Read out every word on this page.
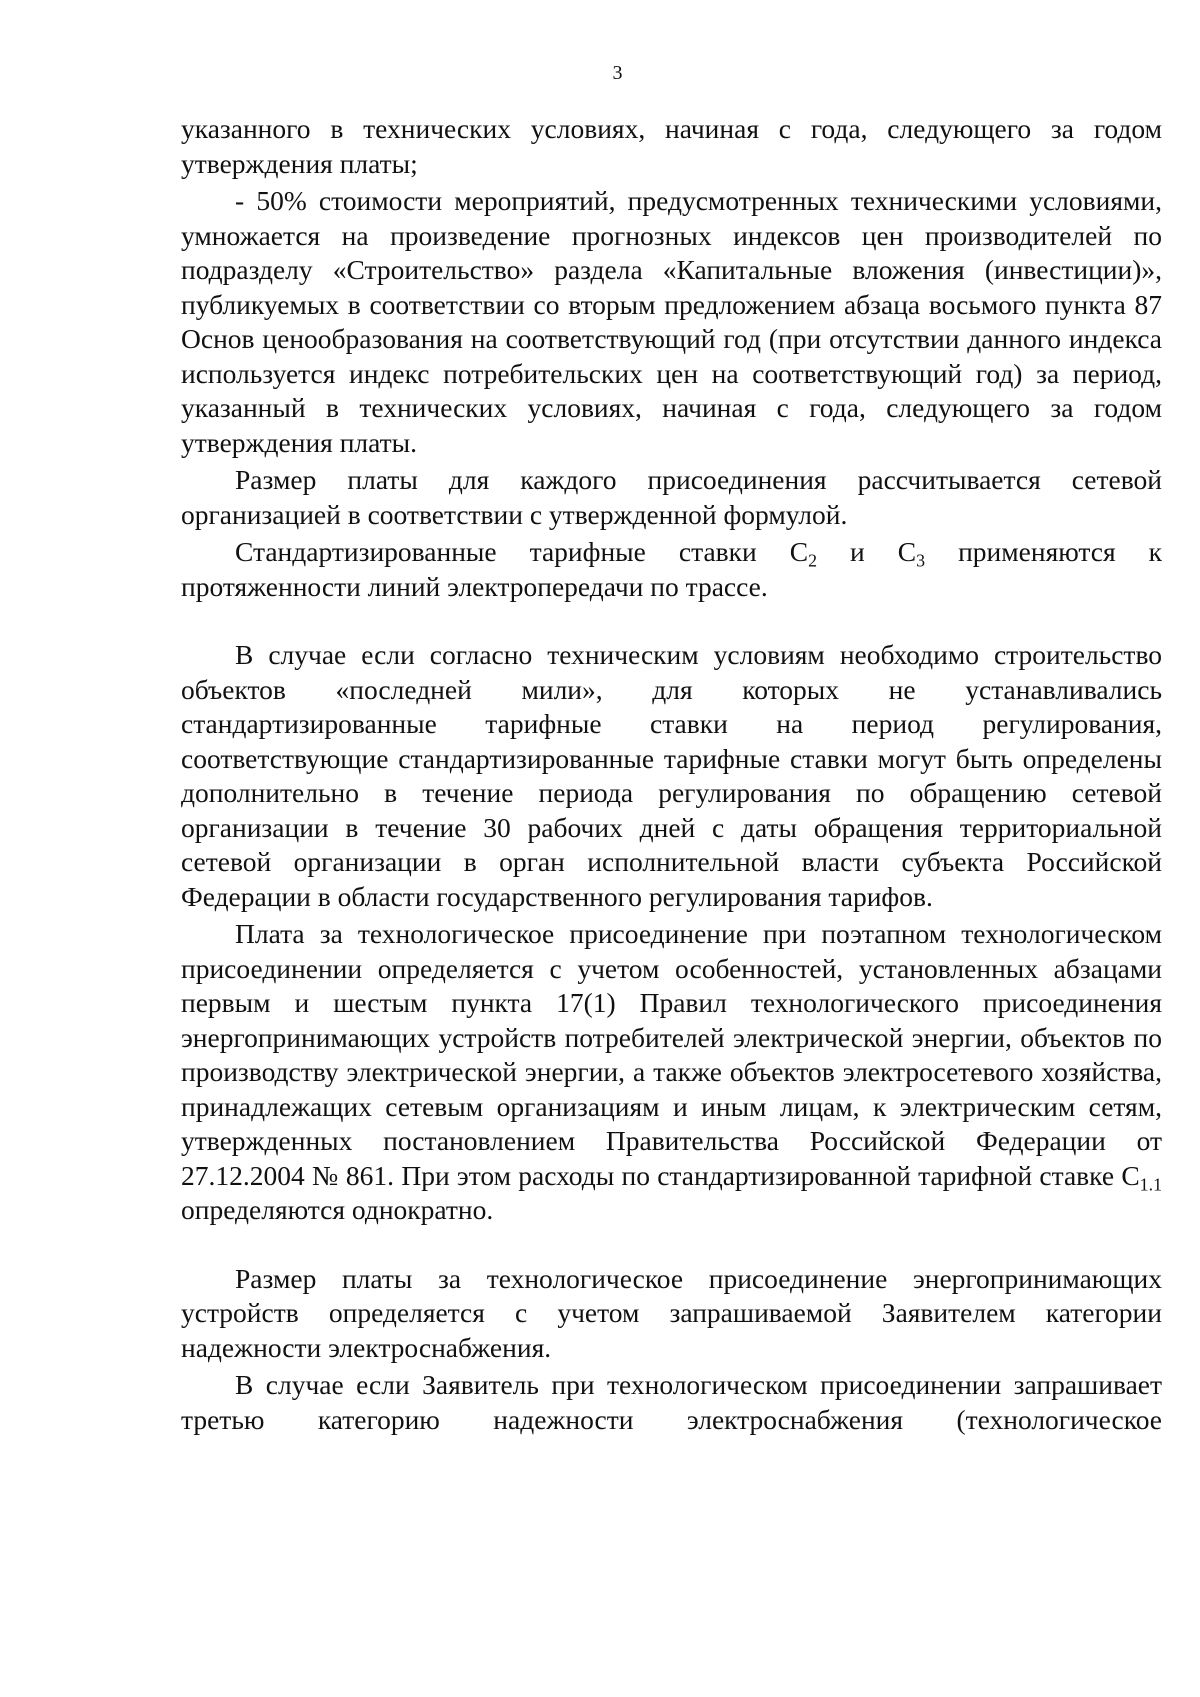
3

указанного в технических условиях, начиная с года, следующего за годом утверждения платы;

- 50% стоимости мероприятий, предусмотренных техническими условиями, умножается на произведение прогнозных индексов цен производителей по подразделу «Строительство» раздела «Капитальные вложения (инвестиции)», публикуемых в соответствии со вторым предложением абзаца восьмого пункта 87 Основ ценообразования на соответствующий год (при отсутствии данного индекса используется индекс потребительских цен на соответствующий год) за период, указанный в технических условиях, начиная с года, следующего за годом утверждения платы.

Размер платы для каждого присоединения рассчитывается сетевой организацией в соответствии с утвержденной формулой.

Стандартизированные тарифные ставки $С_2$ и $С_3$ применяются к протяженности линий электропередачи по трассе.

В случае если согласно техническим условиям необходимо строительство объектов «последней мили», для которых не устанавливались стандартизированные тарифные ставки на период регулирования, соответствующие стандартизированные тарифные ставки могут быть определены дополнительно в течение периода регулирования по обращению сетевой организации в течение 30 рабочих дней с даты обращения территориальной сетевой организации в орган исполнительной власти субъекта Российской Федерации в области государственного регулирования тарифов.

Плата за технологическое присоединение при поэтапном технологическом присоединении определяется с учетом особенностей, установленных абзацами первым и шестым пункта 17(1) Правил технологического присоединения энергопринимающих устройств потребителей электрической энергии, объектов по производству электрической энергии, а также объектов электросетевого хозяйства, принадлежащих сетевым организациям и иным лицам, к электрическим сетям, утвержденных постановлением Правительства Российской Федерации от 27.12.2004 № 861. При этом расходы по стандартизированной тарифной ставке $С_{1.1}$ определяются однократно.

Размер платы за технологическое присоединение энергопринимающих устройств определяется с учетом запрашиваемой Заявителем категории надежности электроснабжения.

В случае если Заявитель при технологическом присоединении запрашивает третью категорию надежности электроснабжения (технологическое
